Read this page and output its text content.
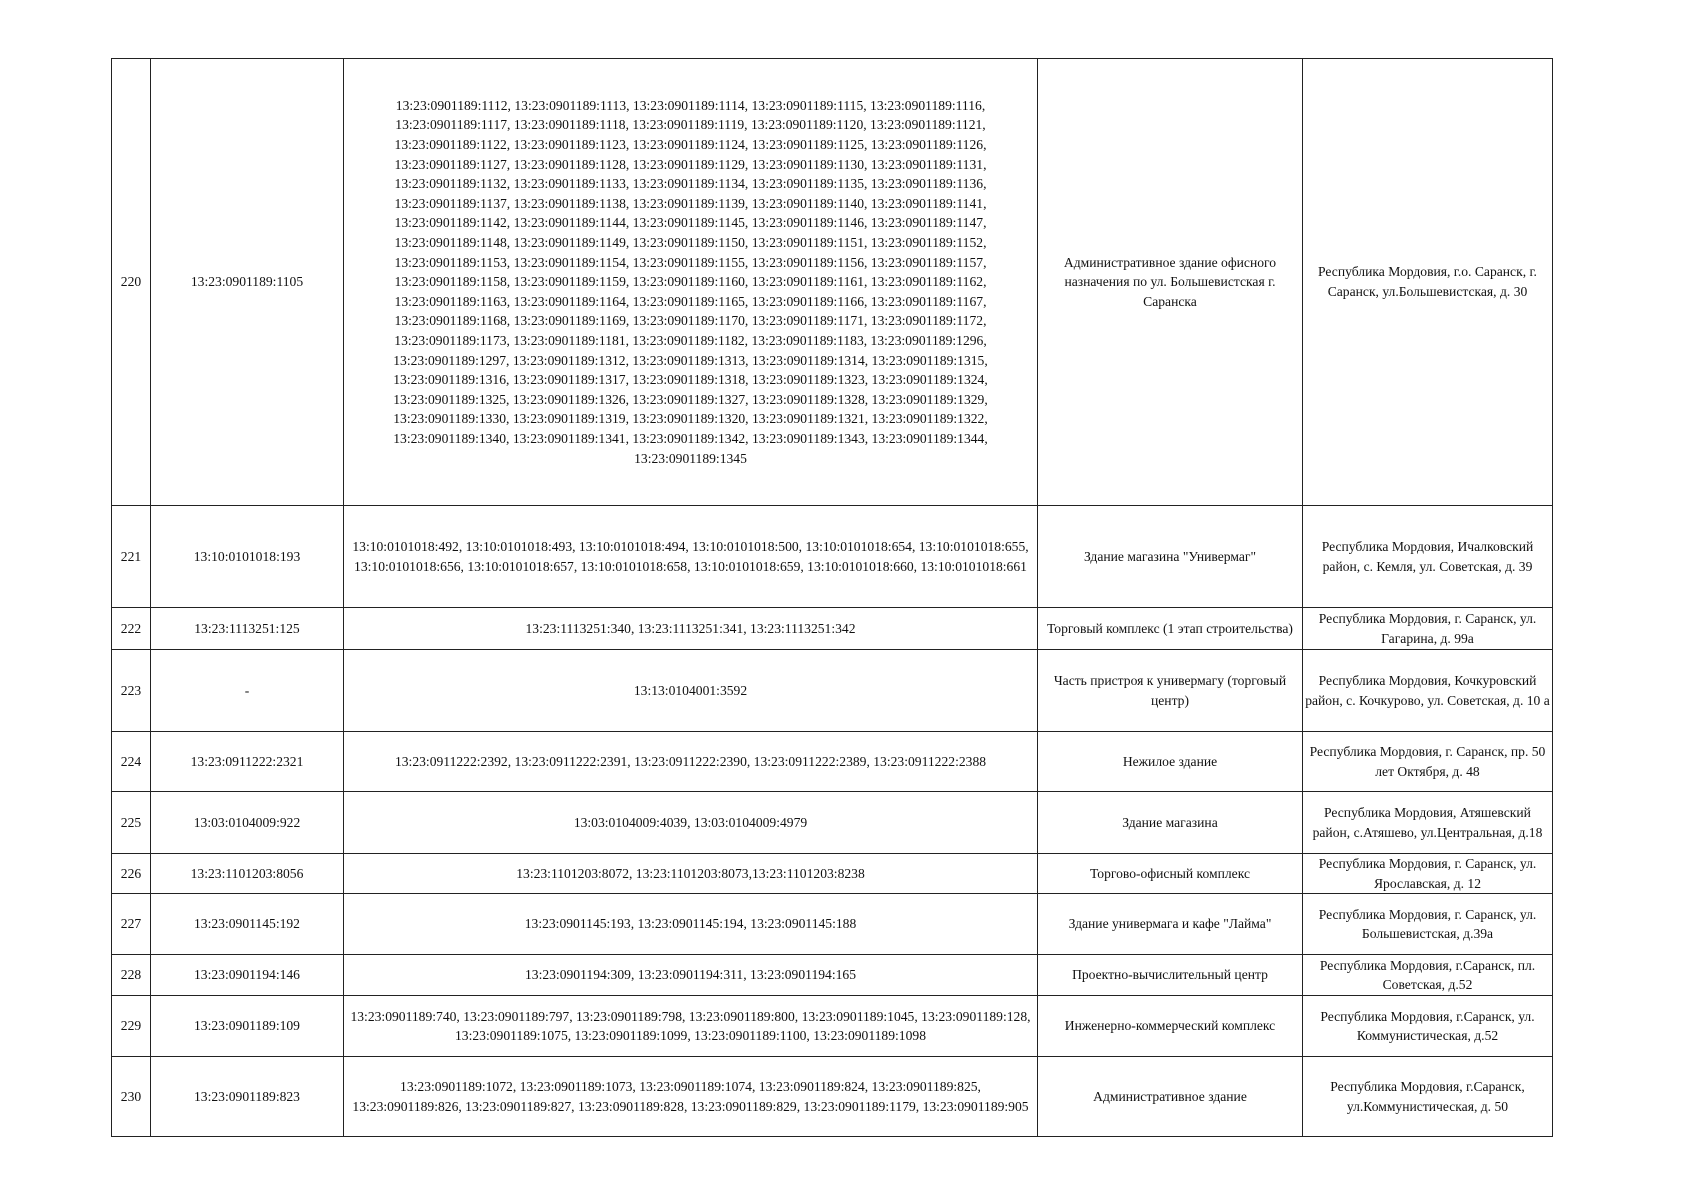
220	13:23:0901189:1105	13:23:0901189:1112, 13:23:0901189:1113, 13:23:0901189:1114, 13:23:0901189:1115, 13:23:0901189:1116, 13:23:0901189:1117, 13:23:0901189:1118, 13:23:0901189:1119, 13:23:0901189:1120, 13:23:0901189:1121, 13:23:0901189:1122, 13:23:0901189:1123, 13:23:0901189:1124, 13:23:0901189:1125, 13:23:0901189:1126, 13:23:0901189:1127, 13:23:0901189:1128, 13:23:0901189:1129, 13:23:0901189:1130, 13:23:0901189:1131, 13:23:0901189:1132, 13:23:0901189:1133, 13:23:0901189:1134, 13:23:0901189:1135, 13:23:0901189:1136, 13:23:0901189:1137, 13:23:0901189:1138, 13:23:0901189:1139, 13:23:0901189:1140, 13:23:0901189:1141, 13:23:0901189:1142, 13:23:0901189:1144, 13:23:0901189:1145, 13:23:0901189:1146, 13:23:0901189:1147, 13:23:0901189:1148, 13:23:0901189:1149, 13:23:0901189:1150, 13:23:0901189:1151, 13:23:0901189:1152, 13:23:0901189:1153, 13:23:0901189:1154, 13:23:0901189:1155, 13:23:0901189:1156, 13:23:0901189:1157, 13:23:0901189:1158, 13:23:0901189:1159, 13:23:0901189:1160, 13:23:0901189:1161, 13:23:0901189:1162, 13:23:0901189:1163, 13:23:0901189:1164, 13:23:0901189:1165, 13:23:0901189:1166, 13:23:0901189:1167, 13:23:0901189:1168, 13:23:0901189:1169, 13:23:0901189:1170, 13:23:0901189:1171, 13:23:0901189:1172, 13:23:0901189:1173, 13:23:0901189:1181, 13:23:0901189:1182, 13:23:0901189:1183, 13:23:0901189:1296, 13:23:0901189:1297, 13:23:0901189:1312, 13:23:0901189:1313, 13:23:0901189:1314, 13:23:0901189:1315, 13:23:0901189:1316, 13:23:0901189:1317, 13:23:0901189:1318, 13:23:0901189:1323, 13:23:0901189:1324, 13:23:0901189:1325, 13:23:0901189:1326, 13:23:0901189:1327, 13:23:0901189:1328, 13:23:0901189:1329, 13:23:0901189:1330, 13:23:0901189:1319, 13:23:0901189:1320, 13:23:0901189:1321, 13:23:0901189:1322, 13:23:0901189:1340, 13:23:0901189:1341, 13:23:0901189:1342, 13:23:0901189:1343, 13:23:0901189:1344, 13:23:0901189:1345	Административное здание офисного назначения по ул. Большевистская г. Саранска	Республика Мордовия, г.о. Саранск, г. Саранск, ул.Большевистская, д. 30

221	13:10:0101018:193	13:10:0101018:492, 13:10:0101018:493, 13:10:0101018:494, 13:10:0101018:500, 13:10:0101018:654, 13:10:0101018:655, 13:10:0101018:656, 13:10:0101018:657, 13:10:0101018:658, 13:10:0101018:659, 13:10:0101018:660, 13:10:0101018:661	Здание магазина "Универмаг"	Республика Мордовия, Ичалковский район, с. Кемля, ул. Советская, д. 39

222	13:23:1113251:125	13:23:1113251:340, 13:23:1113251:341, 13:23:1113251:342	Торговый комплекс (1 этап строительства)	Республика Мордовия, г. Саранск, ул. Гагарина, д. 99а

223	-	13:13:0104001:3592	Часть пристроя к универмагу (торговый центр)	Республика Мордовия, Кочкуровский район, с. Кочкурово, ул. Советская, д. 10 а

224	13:23:0911222:2321	13:23:0911222:2392, 13:23:0911222:2391, 13:23:0911222:2390, 13:23:0911222:2389, 13:23:0911222:2388	Нежилое здание	Республика Мордовия, г. Саранск, пр. 50 лет Октября, д. 48

225	13:03:0104009:922	13:03:0104009:4039, 13:03:0104009:4979	Здание магазина	Республика Мордовия, Атяшевский район, с.Атяшево, ул.Центральная, д.18

226	13:23:1101203:8056	13:23:1101203:8072, 13:23:1101203:8073,13:23:1101203:8238	Торгово-офисный комплекс	Республика Мордовия, г. Саранск, ул. Ярославская, д. 12

227	13:23:0901145:192	13:23:0901145:193, 13:23:0901145:194, 13:23:0901145:188	Здание универмага и кафе "Лайма"	Республика Мордовия, г. Саранск, ул. Большевистская, д.39а

228	13:23:0901194:146	13:23:0901194:309, 13:23:0901194:311, 13:23:0901194:165	Проектно-вычислительный центр	Республика Мордовия, г.Саранск, пл. Советская, д.52

229	13:23:0901189:109	13:23:0901189:740, 13:23:0901189:797, 13:23:0901189:798, 13:23:0901189:800, 13:23:0901189:1045, 13:23:0901189:128, 13:23:0901189:1075, 13:23:0901189:1099, 13:23:0901189:1100, 13:23:0901189:1098	Инженерно-коммерческий комплекс	Республика Мордовия, г.Саранск, ул. Коммунистическая, д.52

230	13:23:0901189:823	13:23:0901189:1072, 13:23:0901189:1073, 13:23:0901189:1074, 13:23:0901189:824, 13:23:0901189:825, 13:23:0901189:826, 13:23:0901189:827, 13:23:0901189:828, 13:23:0901189:829, 13:23:0901189:1179, 13:23:0901189:905	Административное здание	Республика Мордовия, г.Саранск, ул.Коммунистическая, д. 50
